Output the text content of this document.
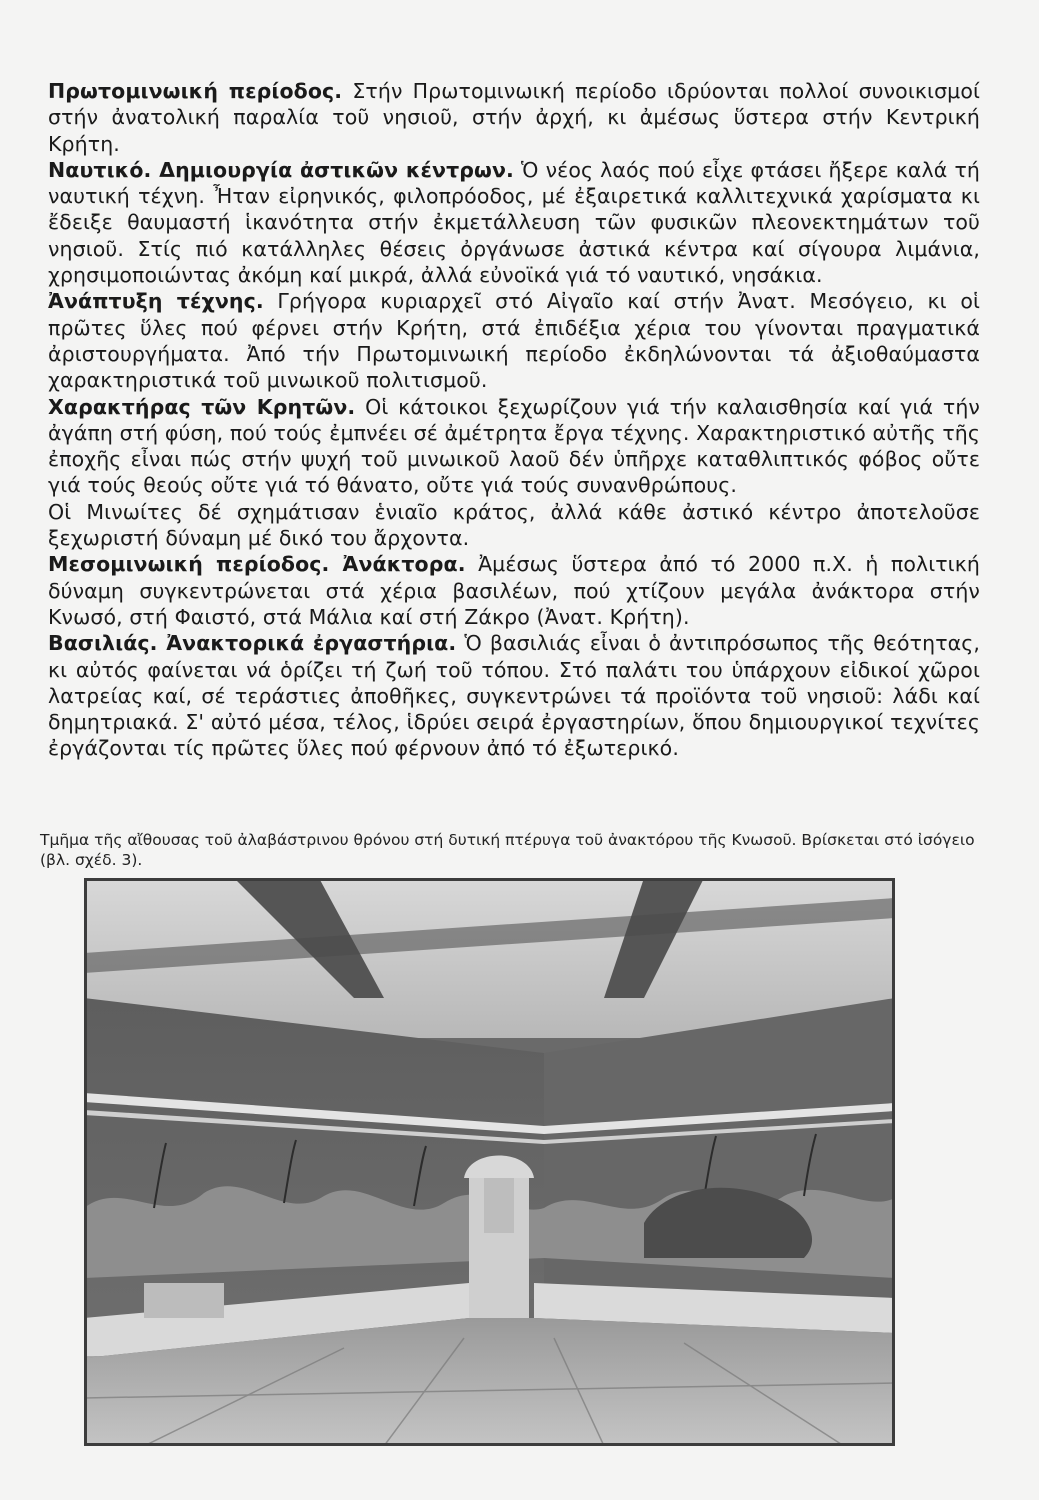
Πρωτομινωική περίοδος. Στήν Πρωτομινωική περίοδο ιδρύονται πολλοί συνοικισμοί στήν ἀνατολική παραλία τοῦ νησιοῦ, στήν ἀρχή, κι ἀμέσως ὕστερα στήν Κεντρική Κρήτη.

Ναυτικό. Δημιουργία ἀστικῶν κέντρων. Ὁ νέος λαός πού εἶχε φτάσει ἤξερε καλά τή ναυτική τέχνη. Ἦταν εἰρηνικός, φιλοπρόοδος, μέ ἐξαιρετικά καλλιτεχνικά χαρίσματα κι ἔδειξε θαυμαστή ἱκανότητα στήν ἐκμετάλλευση τῶν φυσικῶν πλεονεκτημάτων τοῦ νησιοῦ. Στίς πιό κατάλληλες θέσεις ὀργάνωσε ἀστικά κέντρα καί σίγουρα λιμάνια, χρησιμοποιώντας ἀκόμη καί μικρά, ἀλλά εὐνοϊκά γιά τό ναυτικό, νησάκια.

Ἀνάπτυξη τέχνης. Γρήγορα κυριαρχεῖ στό Αἰγαῖο καί στήν Ἀνατ. Μεσόγειο, κι οἱ πρῶτες ὕλες πού φέρνει στήν Κρήτη, στά ἐπιδέξια χέρια του γίνονται πραγματικά ἀριστουργήματα. Ἀπό τήν Πρωτομινωική περίοδο ἐκδηλώνονται τά ἀξιοθαύμαστα χαρακτηριστικά τοῦ μινωικοῦ πολιτισμοῦ.

Χαρακτήρας τῶν Κρητῶν. Οἱ κάτοικοι ξεχωρίζουν γιά τήν καλαισθησία καί γιά τήν ἀγάπη στή φύση, πού τούς ἐμπνέει σέ ἀμέτρητα ἔργα τέχνης. Χαρακτηριστικό αὐτῆς τῆς ἐποχῆς εἶναι πώς στήν ψυχή τοῦ μινωικοῦ λαοῦ δέν ὑπῆρχε καταθλιπτικός φόβος οὔτε γιά τούς θεούς οὔτε γιά τό θάνατο, οὔτε γιά τούς συνανθρώπους.

Οἱ Μινωίτες δέ σχημάτισαν ἑνιαῖο κράτος, ἀλλά κάθε ἀστικό κέντρο ἀποτελοῦσε ξεχωριστή δύναμη μέ δικό του ἄρχοντα.

Μεσομινωική περίοδος. Ἀνάκτορα. Ἀμέσως ὕστερα ἀπό τό 2000 π.Χ. ἡ πολιτική δύναμη συγκεντρώνεται στά χέρια βασιλέων, πού χτίζουν μεγάλα ἀνάκτορα στήν Κνωσό, στή Φαιστό, στά Μάλια καί στή Ζάκρο (Ἀνατ. Κρήτη).

Βασιλιάς. Ἀνακτορικά ἐργαστήρια. Ὁ βασιλιάς εἶναι ὁ ἀντιπρόσωπος τῆς θεότητας, κι αὐτός φαίνεται νά ὁρίζει τή ζωή τοῦ τόπου. Στό παλάτι του ὑπάρχουν εἰδικοί χῶροι λατρείας καί, σέ τεράστιες ἀποθῆκες, συγκεντρώνει τά προϊόντα τοῦ νησιοῦ: λάδι καί δημητριακά. Σ' αὐτό μέσα, τέλος, ἱδρύει σειρά ἐργαστηρίων, ὅπου δημιουργικοί τεχνίτες ἐργάζονται τίς πρῶτες ὕλες πού φέρνουν ἀπό τό ἐξωτερικό.

Τμῆμα τῆς αἴθουσας τοῦ ἀλαβάστρινου θρόνου στή δυτική πτέρυγα τοῦ ἀνακτόρου τῆς Κνωσοῦ. Βρίσκεται στό ἰσόγειο (βλ. σχέδ. 3).
